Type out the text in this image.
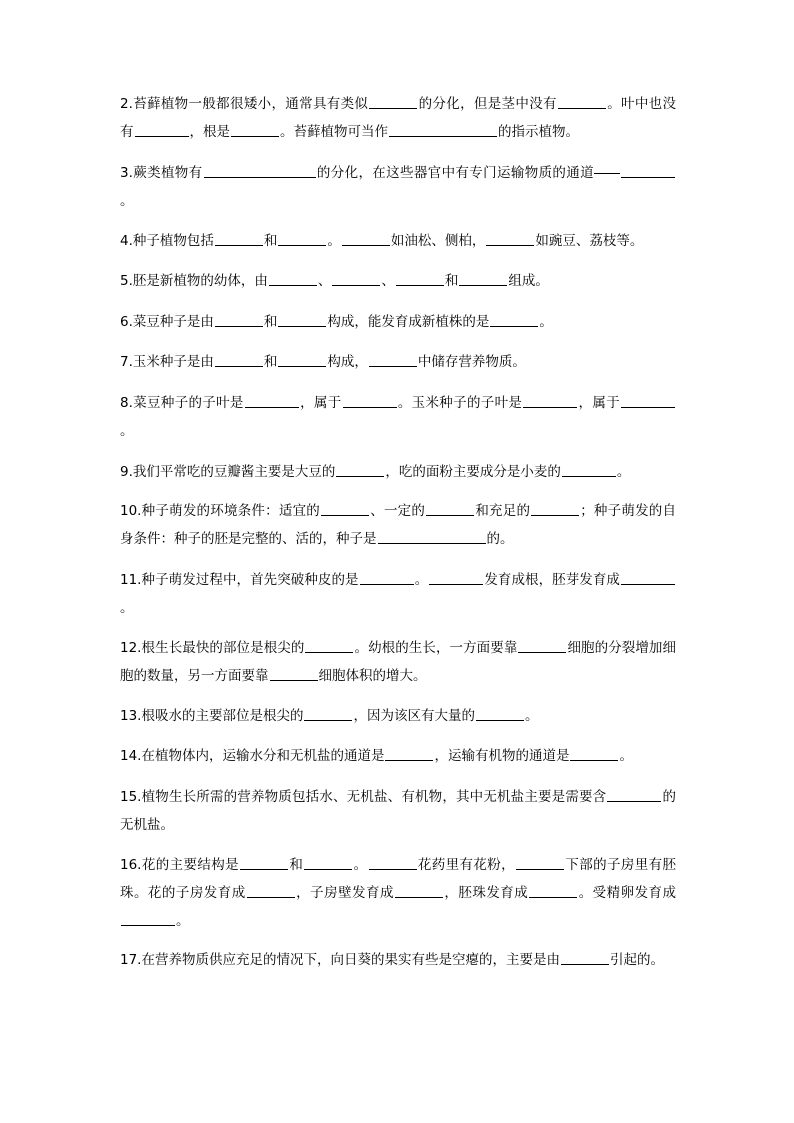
2.苔藓植物一般都很矮小，通常具有类似	的分化，但是茎中没有	。叶中也没有	，根是	。苔藓植物可当作	的指示植物。
3.蕨类植物有	的分化，在这些器官中有专门运输物质的通道。
4.种子植物包括	和	。	如油松、侧柏，	如豌豆、荔枝等。
5.胚是新植物的幼体，由	、	、	和	组成。
6.菜豆种子是由	和	构成，能发育成新植株的是	。
7.玉米种子是由	和	构成，	中储存营养物质。
8.菜豆种子的子叶是	，属于	。玉米种子的子叶是	，属于。
9.我们平常吃的豆瓣酱主要是大豆的	，吃的面粉主要成分是小麦的	。
10.种子萌发的环境条件：适宜的	、一定的	和充足的	；种子萌发的自身条件：种子的胚是完整的、活的，种子是	的。
11.种子萌发过程中，首先突破种皮的是	。	发育成根，胚芽发育成。
12.根生长最快的部位是根尖的	。幼根的生长，一方面要靠	细胞的分裂增加细胞的数量，另一方面要靠	细胞体积的增大。
13.根吸水的主要部位是根尖的	，因为该区有大量的	。
14.在植物体内，运输水分和无机盐的通道是	，运输有机物的通道是	。
15.植物生长所需的营养物质包括水、无机盐、有机物，其中无机盐主要是需要含	的无机盐。
16.花的主要结构是	和	。	花药里有花粉，	下部的子房里有胚珠。花的子房发育成	，子房壁发育成	，胚珠发育成	。受精卵发育成。
17.在营养物质供应充足的情况下，向日葵的果实有些是空瘪的，主要是由	引起的。
